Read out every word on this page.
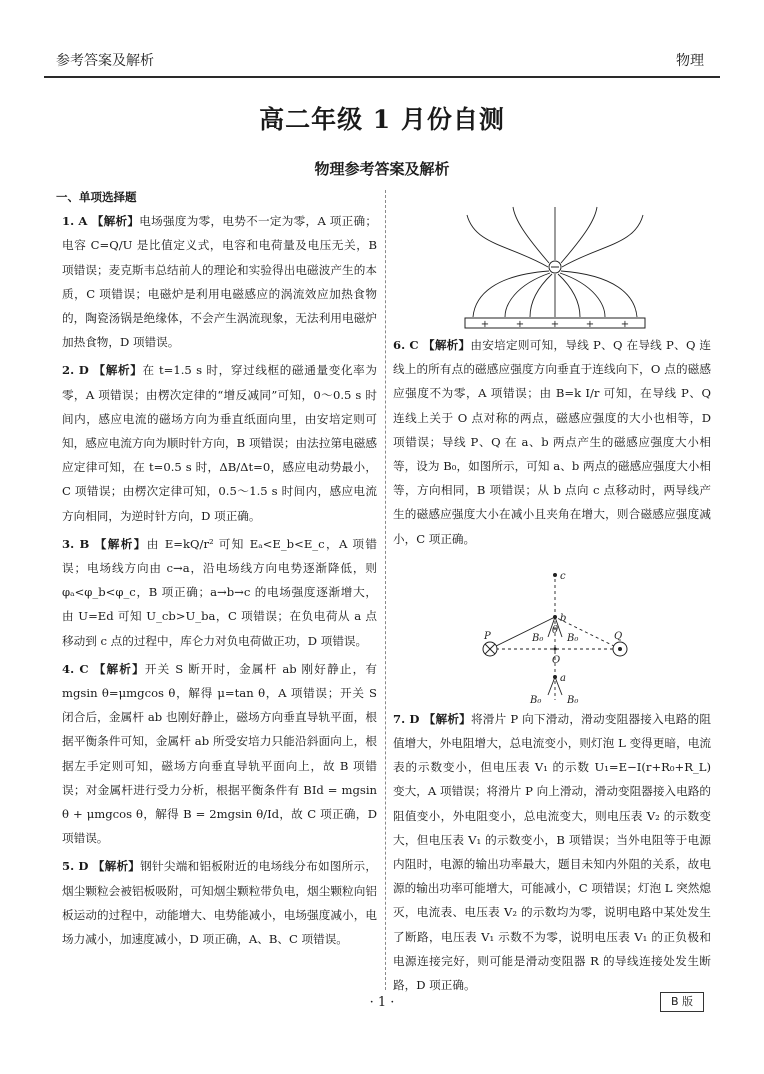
参考答案及解析	物理
高二年级 1 月份自测
物理参考答案及解析
一、单项选择题
1. A 【解析】电场强度为零，电势不一定为零，A 项正确；电容 C=Q/U 是比值定义式，电容和电荷量及电压无关，B 项错误；麦克斯韦总结前人的理论和实验得出电磁波产生的本质，C 项错误；电磁炉是利用电磁感应的涡流效应加热食物的，陶瓷汤锅是绝缘体，不会产生涡流现象，无法利用电磁炉加热食物，D 项错误。
2. D 【解析】在 t=1.5 s 时，穿过线框的磁通量变化率为零，A 项错误；由楞次定律的“增反减同”可知，0～0.5 s 时间内，感应电流的磁场方向为垂直纸面向里，由安培定则可知，感应电流方向为顺时针方向，B 项错误；由法拉第电磁感应定律可知，在 t=0.5 s 时，ΔB/Δt=0，感应电动势最小，C 项错误；由楞次定律可知，0.5～1.5 s 时间内，感应电流方向相同，为逆时针方向，D 项正确。
3. B 【解析】由 E=kQ/r² 可知 Eₐ<E_b<E_c，A 项错误；电场线方向由 c→a，沿电场线方向电势逐渐降低，则 φₐ<φ_b<φ_c，B 项正确；a→b→c 的电场强度逐渐增大，由 U=Ed 可知 U_cb>U_ba，C 项错误；在负电荷从 a 点移动到 c 点的过程中，库仑力对负电荷做正功，D 项错误。
4. C 【解析】开关 S 断开时，金属杆 ab 刚好静止，有 mgsin θ=μmgcos θ，解得 μ=tan θ，A 项错误；开关 S 闭合后，金属杆 ab 也刚好静止，磁场方向垂直导轨平面，根据平衡条件可知，金属杆 ab 所受安培力只能沿斜面向上，根据左手定则可知，磁场方向垂直导轨平面向上，故 B 项错误；对金属杆进行受力分析，根据平衡条件有 BId = mgsin θ + μmgcos θ，解得 B = 2mgsin θ/Id，故 C 项正确，D 项错误。
5. D 【解析】钢针尖端和铝板附近的电场线分布如图所示，烟尘颗粒会被铝板吸附，可知烟尘颗粒带负电，烟尘颗粒向铝板运动的过程中，动能增大、电势能减小，电场强度减小，电场力减小，加速度减小，D 项正确，A、B、C 项错误。
+	+	+	+	+
6. C 【解析】由安培定则可知，导线 P、Q 在导线 P、Q 连线上的所有点的磁感应强度方向垂直于连线向下，O 点的磁感应强度不为零，A 项错误；由 B=k I/r 可知，在导线 P、Q 连线上关于 O 点对称的两点，磁感应强度的大小也相等，D 项错误；导线 P、Q 在 a、b 两点产生的磁感应强度大小相等，设为 B₀，如图所示，可知 a、b 两点的磁感应强度大小相等，方向相同，B 项错误；从 b 点向 c 点移动时，两导线产生的磁感应强度大小在减小且夹角在增大，则合磁感应强度减小，C 项正确。
7. D 【解析】将滑片 P 向下滑动，滑动变阻器接入电路的阻值增大，外电阻增大，总电流变小，则灯泡 L 变得更暗，电流表的示数变小，但电压表 V₁ 的示数 U₁=E−I(r+R₀+R_L) 变大，A 项错误；将滑片 P 向上滑动，滑动变阻器接入电路的阻值变小，外电阻变小，总电流变大，则电压表 V₂ 的示数变大，但电压表 V₁ 的示数变小，B 项错误；当外电阻等于电源内阻时，电源的输出功率最大，题目未知内外阻的关系，故电源的输出功率可能增大，可能减小，C 项错误；灯泡 L 突然熄灭，电流表、电压表 V₂ 的示数均为零，说明电路中某处发生了断路，电压表 V₁ 示数不为零，说明电压表 V₁ 的正负极和电源连接完好，则可能是滑动变阻器 R 的导线连接处发生断路，D 项正确。
c
b
P	Q
O
a
B₀ B₀
B₀	B₀
θ
· 1 ·	B 版
